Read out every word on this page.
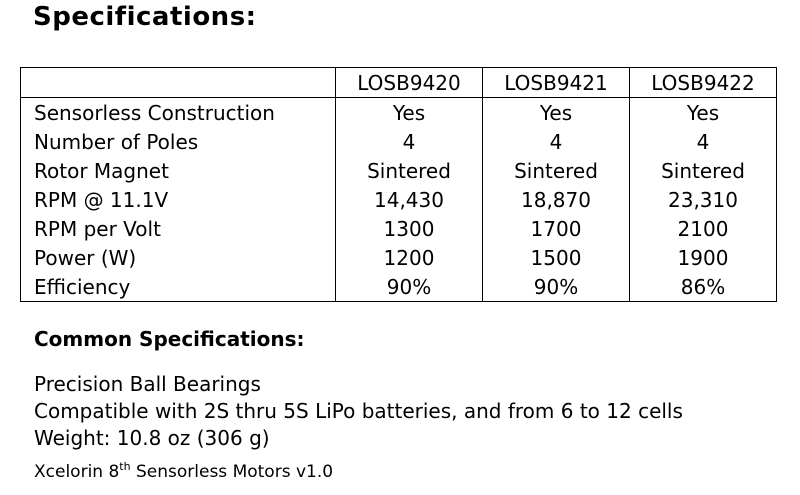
Specifications:
	LOSB9420	LOSB9421	LOSB9422
Sensorless Construction	Yes	Yes	Yes
Number of Poles	4	4	4
Rotor Magnet	Sintered	Sintered	Sintered
RPM @ 11.1V	14,430	18,870	23,310
RPM per Volt	1300	1700	2100
Power (W)	1200	1500	1900
Efficiency	90%	90%	86%
Common Specifications:
Precision Ball Bearings
Compatible with 2S thru 5S LiPo batteries, and from 6 to 12 cells
Weight: 10.8 oz (306 g)
Xcelorin 8th Sensorless Motors v1.0
